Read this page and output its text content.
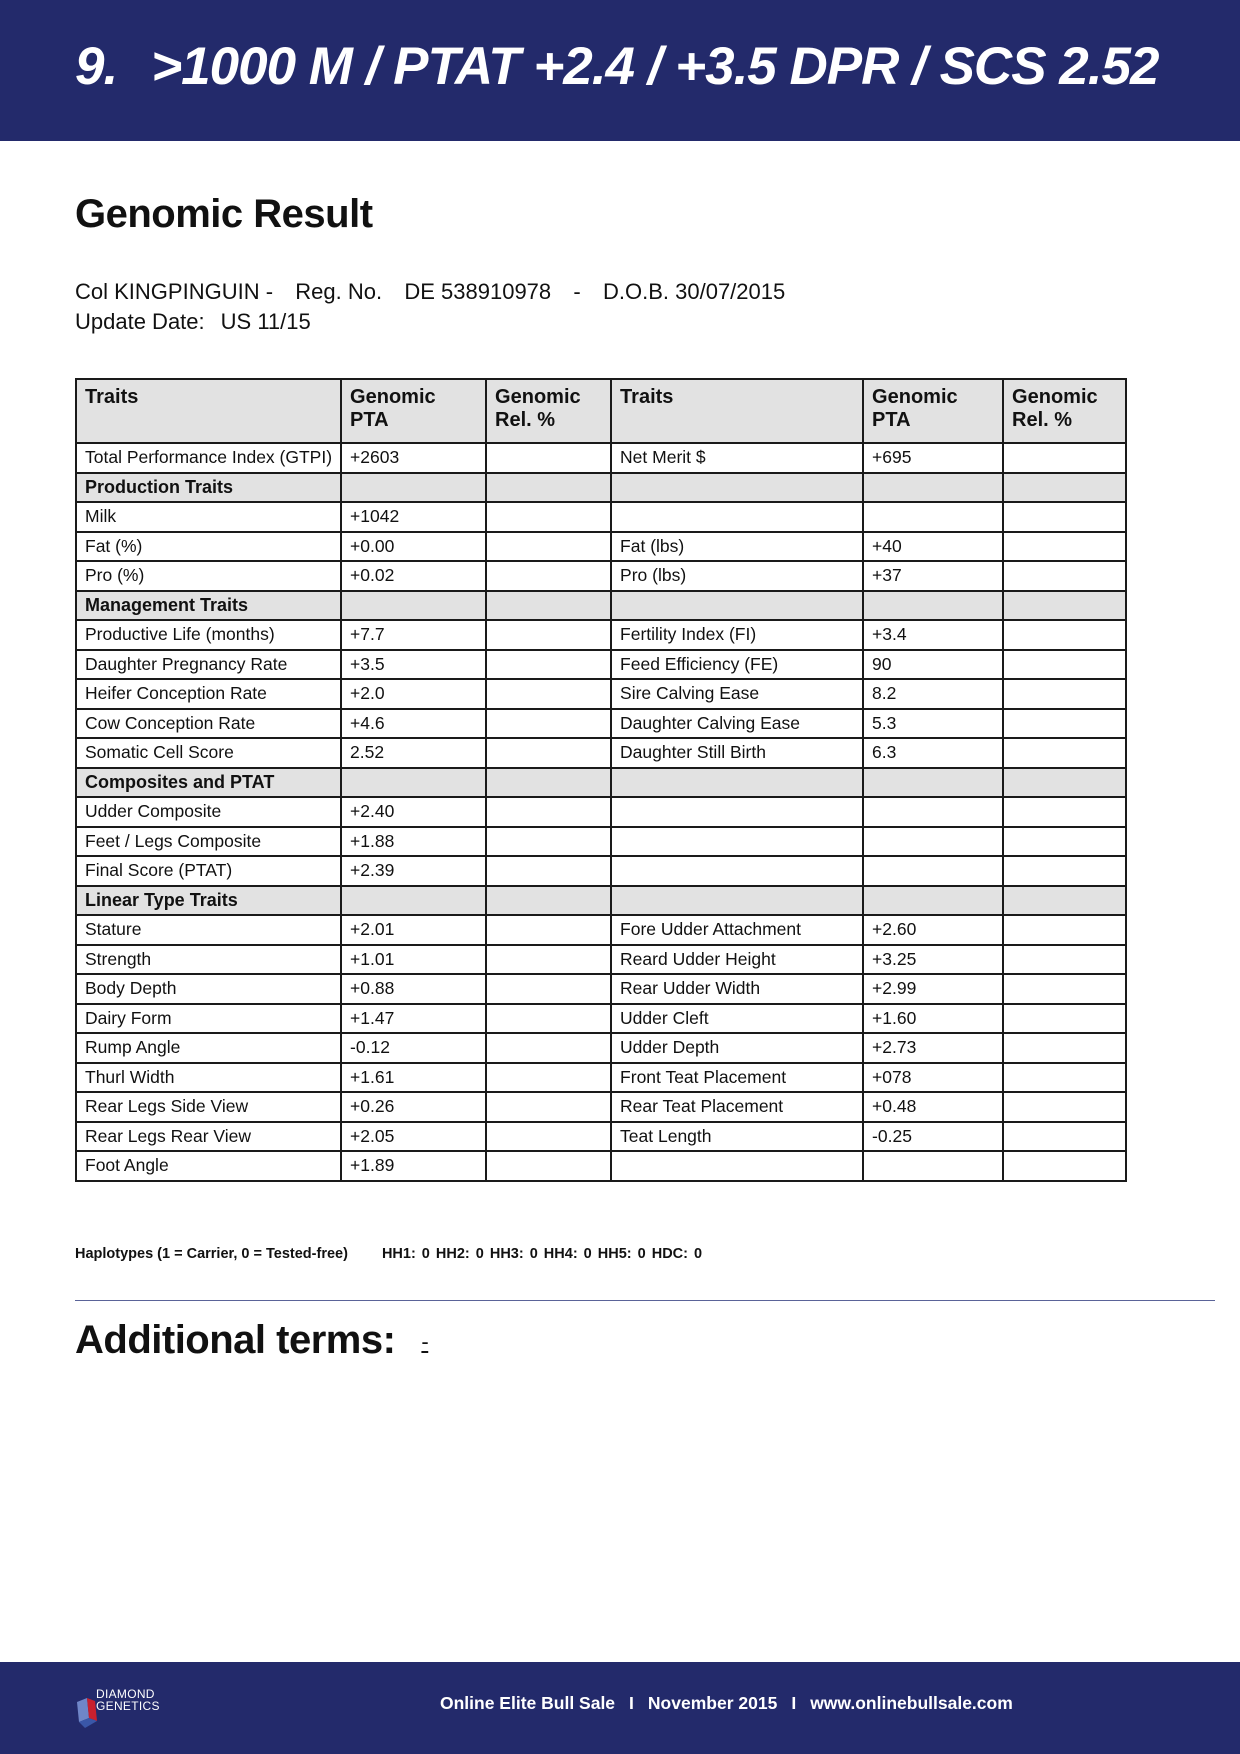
9. >1000 M / PTAT +2.4 / +3.5 DPR / SCS 2.52
Genomic Result
Col KINGPINGUIN - Reg. No. DE 538910978 - D.O.B. 30/07/2015
Update Date: US 11/15
Traits	Genomic PTA	Genomic Rel. %	Traits	Genomic PTA	Genomic Rel. %
Total Performance Index (GTPI)	+2603		Net Merit $	+695	
Production Traits					
Milk	+1042				
Fat (%)	+0.00		Fat (lbs)	+40	
Pro (%)	+0.02		Pro (lbs)	+37	
Management Traits					
Productive Life (months)	+7.7		Fertility Index (FI)	+3.4	
Daughter Pregnancy Rate	+3.5		Feed Efficiency (FE)	90	
Heifer Conception Rate	+2.0		Sire Calving Ease	8.2	
Cow Conception Rate	+4.6		Daughter Calving Ease	5.3	
Somatic Cell Score	2.52		Daughter Still Birth	6.3	
Composites and PTAT					
Udder Composite	+2.40				
Feet / Legs Composite	+1.88				
Final Score (PTAT)	+2.39				
Linear Type Traits					
Stature	+2.01		Fore Udder Attachment	+2.60	
Strength	+1.01		Reard Udder Height	+3.25	
Body Depth	+0.88		Rear Udder Width	+2.99	
Dairy Form	+1.47		Udder Cleft	+1.60	
Rump Angle	-0.12		Udder Depth	+2.73	
Thurl Width	+1.61		Front Teat Placement	+078	
Rear Legs Side View	+0.26		Rear Teat Placement	+0.48	
Rear Legs Rear View	+2.05		Teat Length	-0.25	
Foot Angle	+1.89				
Haplotypes (1 = Carrier, 0 = Tested-free) HH1: 0 HH2: 0 HH3: 0 HH4: 0 HH5: 0 HDC: 0
Additional terms: -
DIAMOND
GENETICS	Online Elite Bull Sale I November 2015 I www.onlinebullsale.com
